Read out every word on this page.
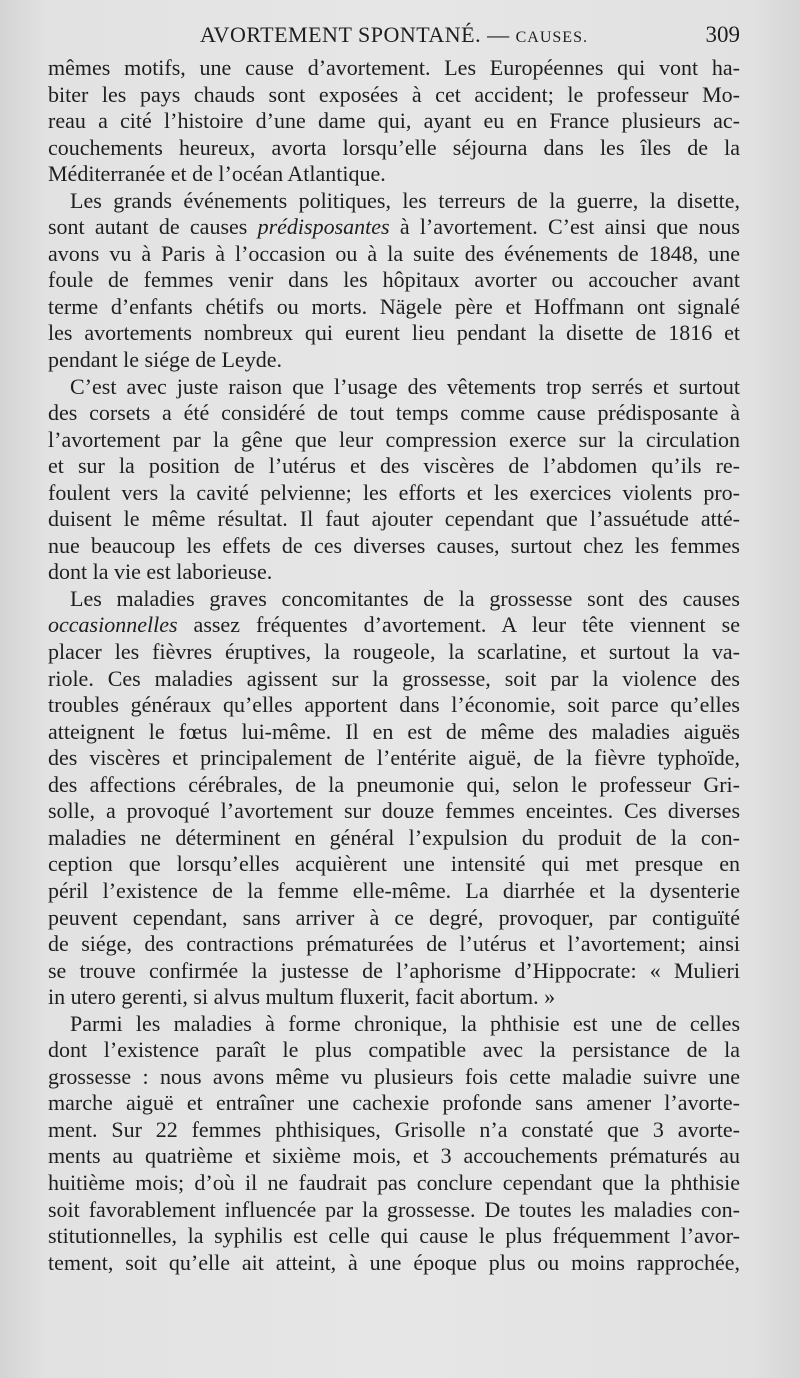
AVORTEMENT SPONTANÉ. — CAUSES.	309
mêmes motifs, une cause d’avortement. Les Européennes qui vont ha-
biter les pays chauds sont exposées à cet accident; le professeur Mo-
reau a cité l’histoire d’une dame qui, ayant eu en France plusieurs ac-
couchements heureux, avorta lorsqu’elle séjourna dans les îles de la
Méditerranée et de l’océan Atlantique.
Les grands événements politiques, les terreurs de la guerre, la disette,
sont autant de causes prédisposantes à l’avortement. C’est ainsi que nous
avons vu à Paris à l’occasion ou à la suite des événements de 1848, une
foule de femmes venir dans les hôpitaux avorter ou accoucher avant
terme d’enfants chétifs ou morts. Nägele père et Hoffmann ont signalé
les avortements nombreux qui eurent lieu pendant la disette de 1816 et
pendant le siége de Leyde.
C’est avec juste raison que l’usage des vêtements trop serrés et surtout
des corsets a été considéré de tout temps comme cause prédisposante à
l’avortement par la gêne que leur compression exerce sur la circulation
et sur la position de l’utérus et des viscères de l’abdomen qu’ils re-
foulent vers la cavité pelvienne; les efforts et les exercices violents pro-
duisent le même résultat. Il faut ajouter cependant que l’assuétude atté-
nue beaucoup les effets de ces diverses causes, surtout chez les femmes
dont la vie est laborieuse.
Les maladies graves concomitantes de la grossesse sont des causes
occasionnelles assez fréquentes d’avortement. A leur tête viennent se
placer les fièvres éruptives, la rougeole, la scarlatine, et surtout la va-
riole. Ces maladies agissent sur la grossesse, soit par la violence des
troubles généraux qu’elles apportent dans l’économie, soit parce qu’elles
atteignent le fœtus lui-même. Il en est de même des maladies aiguës
des viscères et principalement de l’entérite aiguë, de la fièvre typhoïde,
des affections cérébrales, de la pneumonie qui, selon le professeur Gri-
solle, a provoqué l’avortement sur douze femmes enceintes. Ces diverses
maladies ne déterminent en général l’expulsion du produit de la con-
ception que lorsqu’elles acquièrent une intensité qui met presque en
péril l’existence de la femme elle-même. La diarrhée et la dysenterie
peuvent cependant, sans arriver à ce degré, provoquer, par contiguïté
de siége, des contractions prématurées de l’utérus et l’avortement; ainsi
se trouve confirmée la justesse de l’aphorisme d’Hippocrate: « Mulieri
in utero gerenti, si alvus multum fluxerit, facit abortum. »
Parmi les maladies à forme chronique, la phthisie est une de celles
dont l’existence paraît le plus compatible avec la persistance de la
grossesse : nous avons même vu plusieurs fois cette maladie suivre une
marche aiguë et entraîner une cachexie profonde sans amener l’avorte-
ment. Sur 22 femmes phthisiques, Grisolle n’a constaté que 3 avorte-
ments au quatrième et sixième mois, et 3 accouchements prématurés au
huitième mois; d’où il ne faudrait pas conclure cependant que la phthisie
soit favorablement influencée par la grossesse. De toutes les maladies con-
stitutionnelles, la syphilis est celle qui cause le plus fréquemment l’avor-
tement, soit qu’elle ait atteint, à une époque plus ou moins rapprochée,
